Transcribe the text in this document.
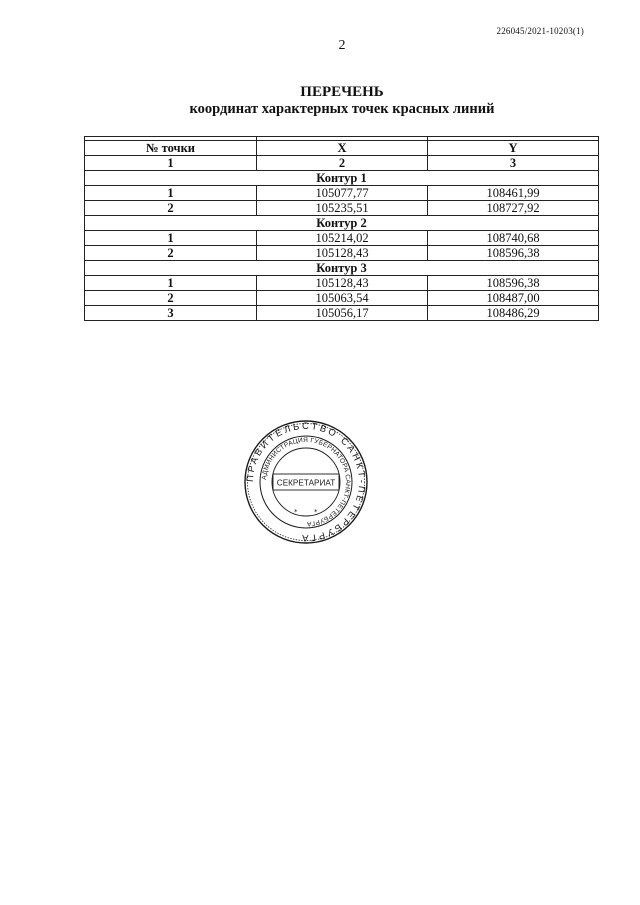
226045/2021-10203(1)
2
ПЕРЕЧЕНЬ
координат характерных точек красных линий

№ точки	X	Y
1	2	3
Контур 1		
1	105077,77	108461,99
2	105235,51	108727,92
Контур 2		
1	105214,02	108740,68
2	105128,43	108596,38
Контур 3		
1	105128,43	108596,38
2	105063,54	108487,00
3	105056,17	108486,29
ПРАВИТЕЛЬСТВО САНКТ-ПЕТЕРБУРГА
АДМИНИСТРАЦИЯ ГУБЕРНАТОРА САНКТ-ПЕТЕРБУРГА
СЕКРЕТАРИАТ
* *
